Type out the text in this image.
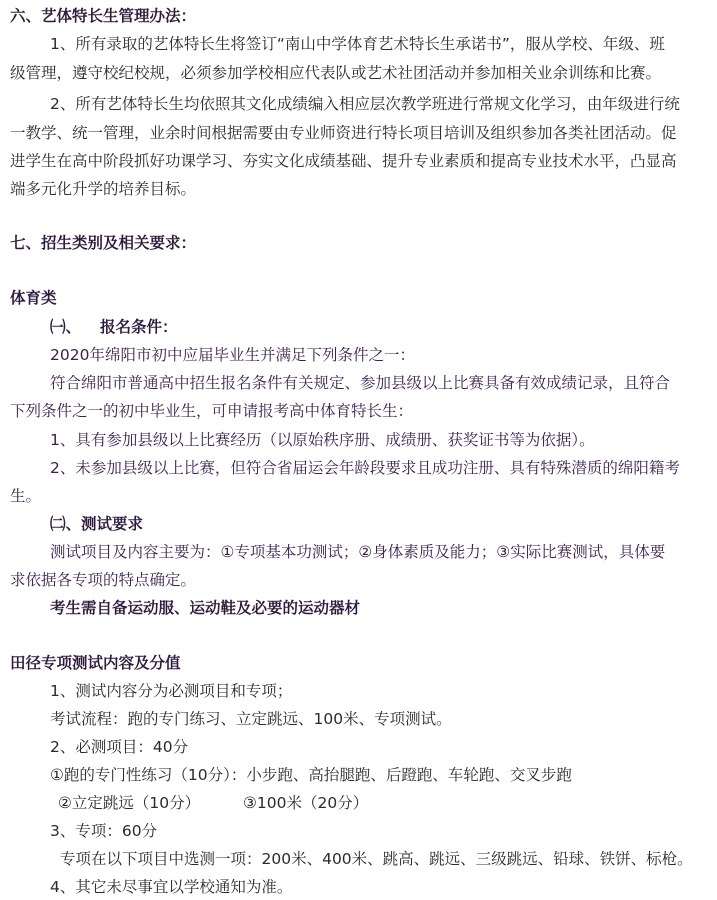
六、艺体特长生管理办法：
1、所有录取的艺体特长生将签订“南山中学体育艺术特长生承诺书”，服从学校、年级、班
级管理，遵守校纪校规，必须参加学校相应代表队或艺术社团活动并参加相关业余训练和比赛。
2、所有艺体特长生均依照其文化成绩编入相应层次教学班进行常规文化学习，由年级进行统
一教学、统一管理，业余时间根据需要由专业师资进行特长项目培训及组织参加各类社团活动。促
进学生在高中阶段抓好功课学习、夯实文化成绩基础、提升专业素质和提高专业技术水平，凸显高
端多元化升学的培养目标。
七、招生类别及相关要求：
体育类
㈠、 报名条件：
2020年绵阳市初中应届毕业生并满足下列条件之一：
符合绵阳市普通高中招生报名条件有关规定、参加县级以上比赛具备有效成绩记录，且符合
下列条件之一的初中毕业生，可申请报考高中体育特长生：
1、具有参加县级以上比赛经历（以原始秩序册、成绩册、获奖证书等为依据）。
2、未参加县级以上比赛，但符合省届运会年龄段要求且成功注册、具有特殊潜质的绵阳籍考
生。
㈡、测试要求
测试项目及内容主要为：①专项基本功测试；②身体素质及能力；③实际比赛测试，具体要
求依据各专项的特点确定。
考生需自备运动服、运动鞋及必要的运动器材
田径专项测试内容及分值
1、测试内容分为必测项目和专项；
考试流程：跑的专门练习、立定跳远、100米、专项测试。
2、必测项目：40分
①跑的专门性练习（10分）：小步跑、高抬腿跑、后蹬跑、车轮跑、交叉步跑
②立定跳远（10分）	③100米（20分）
3、专项：60分
专项在以下项目中选测一项：200米、400米、跳高、跳远、三级跳远、铅球、铁饼、标枪。
4、其它未尽事宜以学校通知为准。
